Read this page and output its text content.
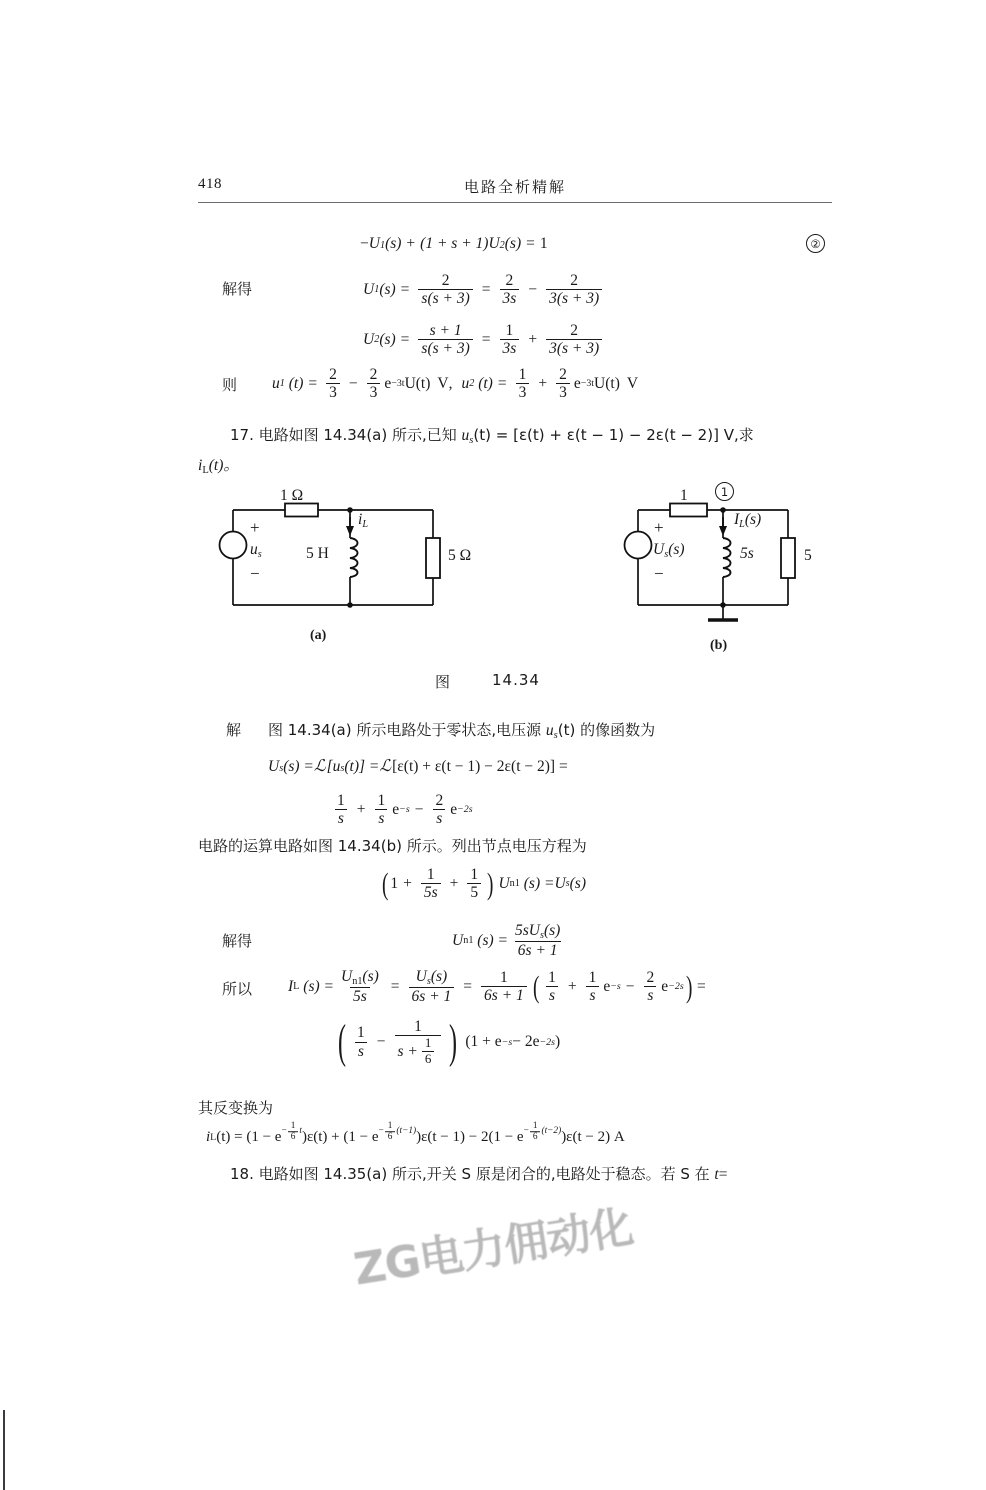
418	电路全析精解
− U 1 (s) + (1 + s + 1) U 2 (s) = 1	②
解得	U 1 $(s) = \frac{2}{s(s + 3)} = \frac{2}{3s} - \frac{2}{3(s + 3)}$
U 2 $(s) = \frac{s + 1}{s(s + 3)} = \frac{1}{3s} + \frac{2}{3(s + 3)}$
则 u 1 $(t) = \frac{2}{3} - \frac{2}{3}$ e −3t U(t) V , u 2 $(t) = \frac{1}{3} + \frac{2}{3}$ e −3t U(t) V
17. 电路如图 14.34(a) 所示,已知 $u_s(t) = [\varepsilon(t) + \varepsilon(t - 1) - 2\varepsilon(t - 2)]$ V,求
iL(t)。
1 Ω
5 Ω
5 H
+
−
$u_s$
$i_L$
(a)
1
5
5s
+
−
$U_s(s)$
$I_L(s)$
1
(b)
图	14.34
解 图 14.34(a) 所示电路处于零状态,电压源 $u_s(t)$ 的像函数为
U s (s) = ℒ [u s (t)] = ℒ [ε(t) + ε(t − 1) − 2ε(t − 2)] =
$\frac{1}{s} + \frac{1}{s}$ $e -s - \frac{2}{s}$ e −2s
电路的运算电路如图 14.34(b) 所示。列出节点电压方程为
( $1 + \frac{1}{5s} + \frac{1}{5}$ ) U n1
(s) = U s (s)
解得	U n1
$(s) = \frac{5sU_s(s)}{6s + 1}$
所以 I L
$(s) = \frac{Un1(s)}{5s} = \frac{U_s(s)}{6s + 1} = \frac{1}{6s + 1}$ ( $\frac{1}{s} + \frac{1}{s}$ $e -s - \frac{2}{s}$ e −2s ) =
( $\frac{1}{s} - \frac{1}{s + \frac{1}{6}}$ ) (1 + e −s − 2e −2s )
其反变换为
i L $(t) = (1 - e - \frac{1}{6}$ t )$\varepsilon(t) + (1 - e - \frac{1}{6} (t-1) )\varepsilon(t - 1) - 2(1 - e - \frac{1}{6} (t-2) )\varepsilon(t - 2)$ A
18. 电路如图 14.35(a) 所示,开关 S 原是闭合的,电路处于稳态。若 S 在 t=
ZG电力佣动化
